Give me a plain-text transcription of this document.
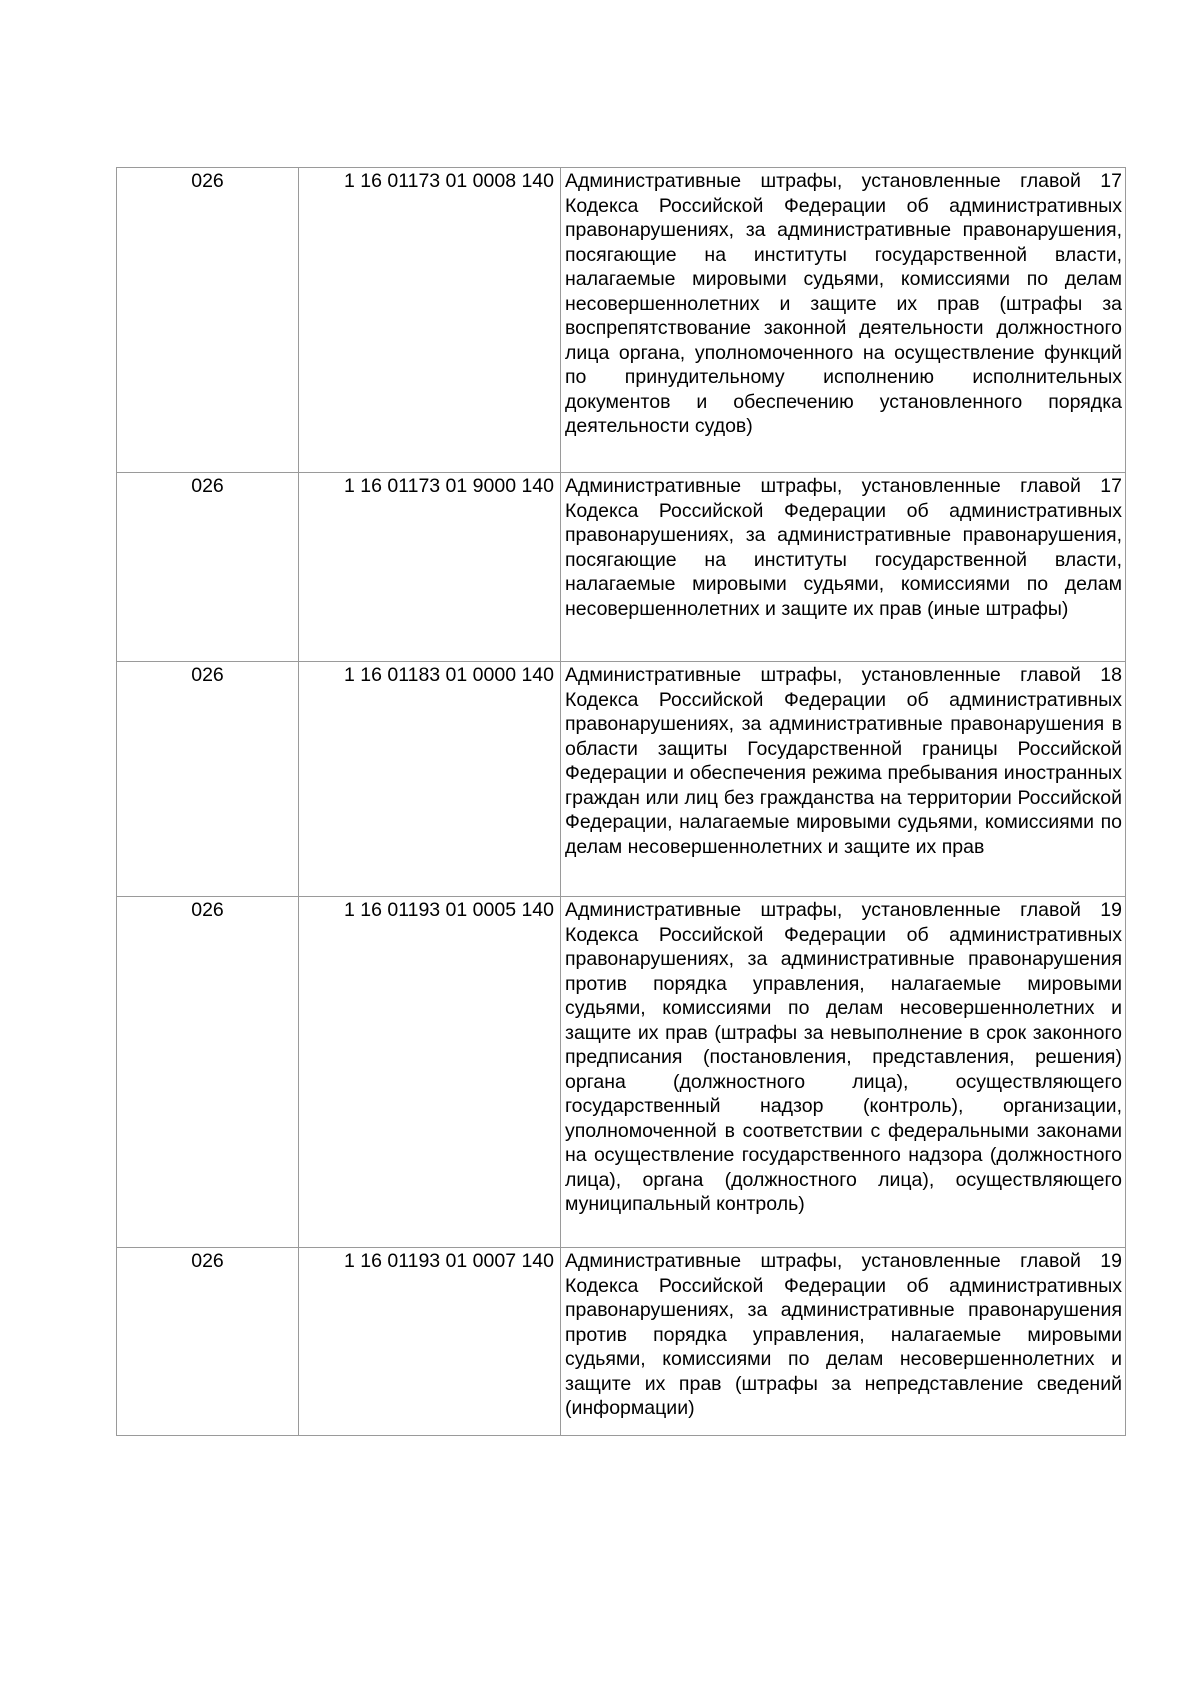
026	1 16 01173 01 0008 140	Административные штрафы, установленные главой 17 Кодекса Российской Федерации об административных правонарушениях, за административные правонарушения, посягающие на институты государственной власти, налагаемые мировыми судьями, комиссиями по делам несовершеннолетних и защите их прав (штрафы за воспрепятствование законной деятельности должностного лица органа, уполномоченного на осуществление функций по принудительному исполнению исполнительных документов и обеспечению установленного порядка деятельности судов)

026	1 16 01173 01 9000 140	Административные штрафы, установленные главой 17 Кодекса Российской Федерации об административных правонарушениях, за административные правонарушения, посягающие на институты государственной власти, налагаемые мировыми судьями, комиссиями по делам несовершеннолетних и защите их прав (иные штрафы)

026	1 16 01183 01 0000 140	Административные штрафы, установленные главой 18 Кодекса Российской Федерации об административных правонарушениях, за административные правонарушения в области защиты Государственной границы Российской Федерации и обеспечения режима пребывания иностранных граждан или лиц без гражданства на территории Российской Федерации, налагаемые мировыми судьями, комиссиями по делам несовершеннолетних и защите их прав

026	1 16 01193 01 0005 140	Административные штрафы, установленные главой 19 Кодекса Российской Федерации об административных правонарушениях, за административные правонарушения против порядка управления, налагаемые мировыми судьями, комиссиями по делам несовершеннолетних и защите их прав (штрафы за невыполнение в срок законного предписания (постановления, представления, решения) органа (должностного лица), осуществляющего государственный надзор (контроль), организации, уполномоченной в соответствии с федеральными законами на осуществление государственного надзора (должностного лица), органа (должностного лица), осуществляющего муниципальный контроль)

026	1 16 01193 01 0007 140	Административные штрафы, установленные главой 19 Кодекса Российской Федерации об административных правонарушениях, за административные правонарушения против порядка управления, налагаемые мировыми судьями, комиссиями по делам несовершеннолетних и защите их прав (штрафы за непредставление сведений (информации)
